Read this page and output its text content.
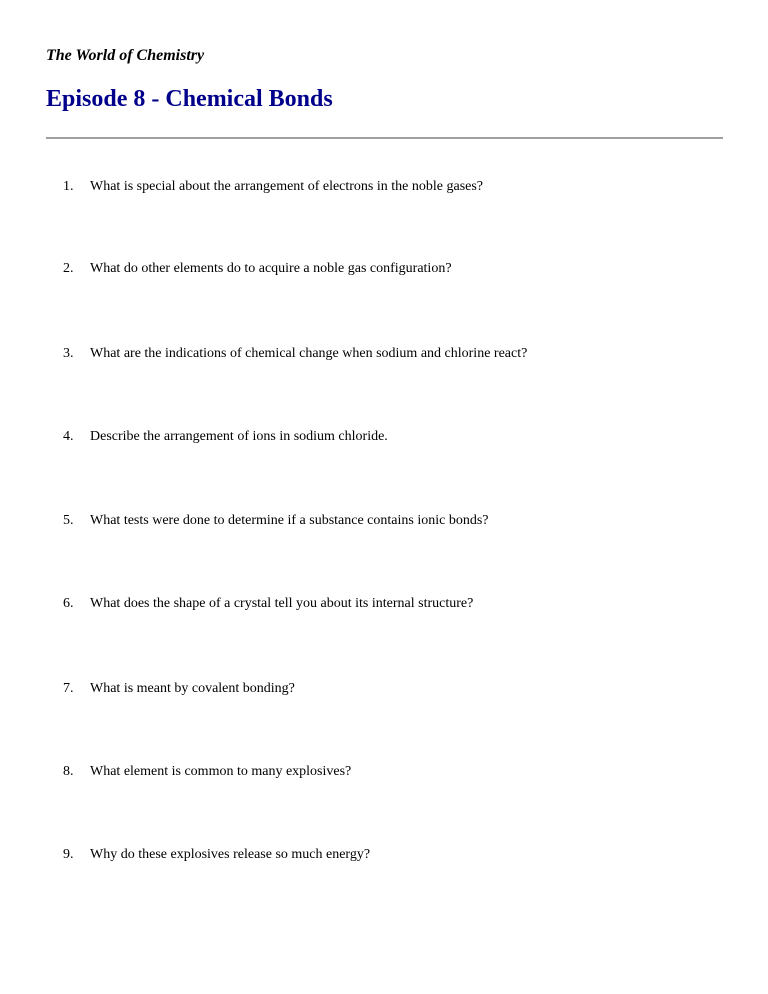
The World of Chemistry

Episode 8 - Chemical Bonds

1. What is special about the arrangement of electrons in the noble gases?

2. What do other elements do to acquire a noble gas configuration?

3. What are the indications of chemical change when sodium and chlorine react?

4. Describe the arrangement of ions in sodium chloride.

5. What tests were done to determine if a substance contains ionic bonds?

6. What does the shape of a crystal tell you about its internal structure?

7. What is meant by covalent bonding?

8. What element is common to many explosives?

9. Why do these explosives release so much energy?
